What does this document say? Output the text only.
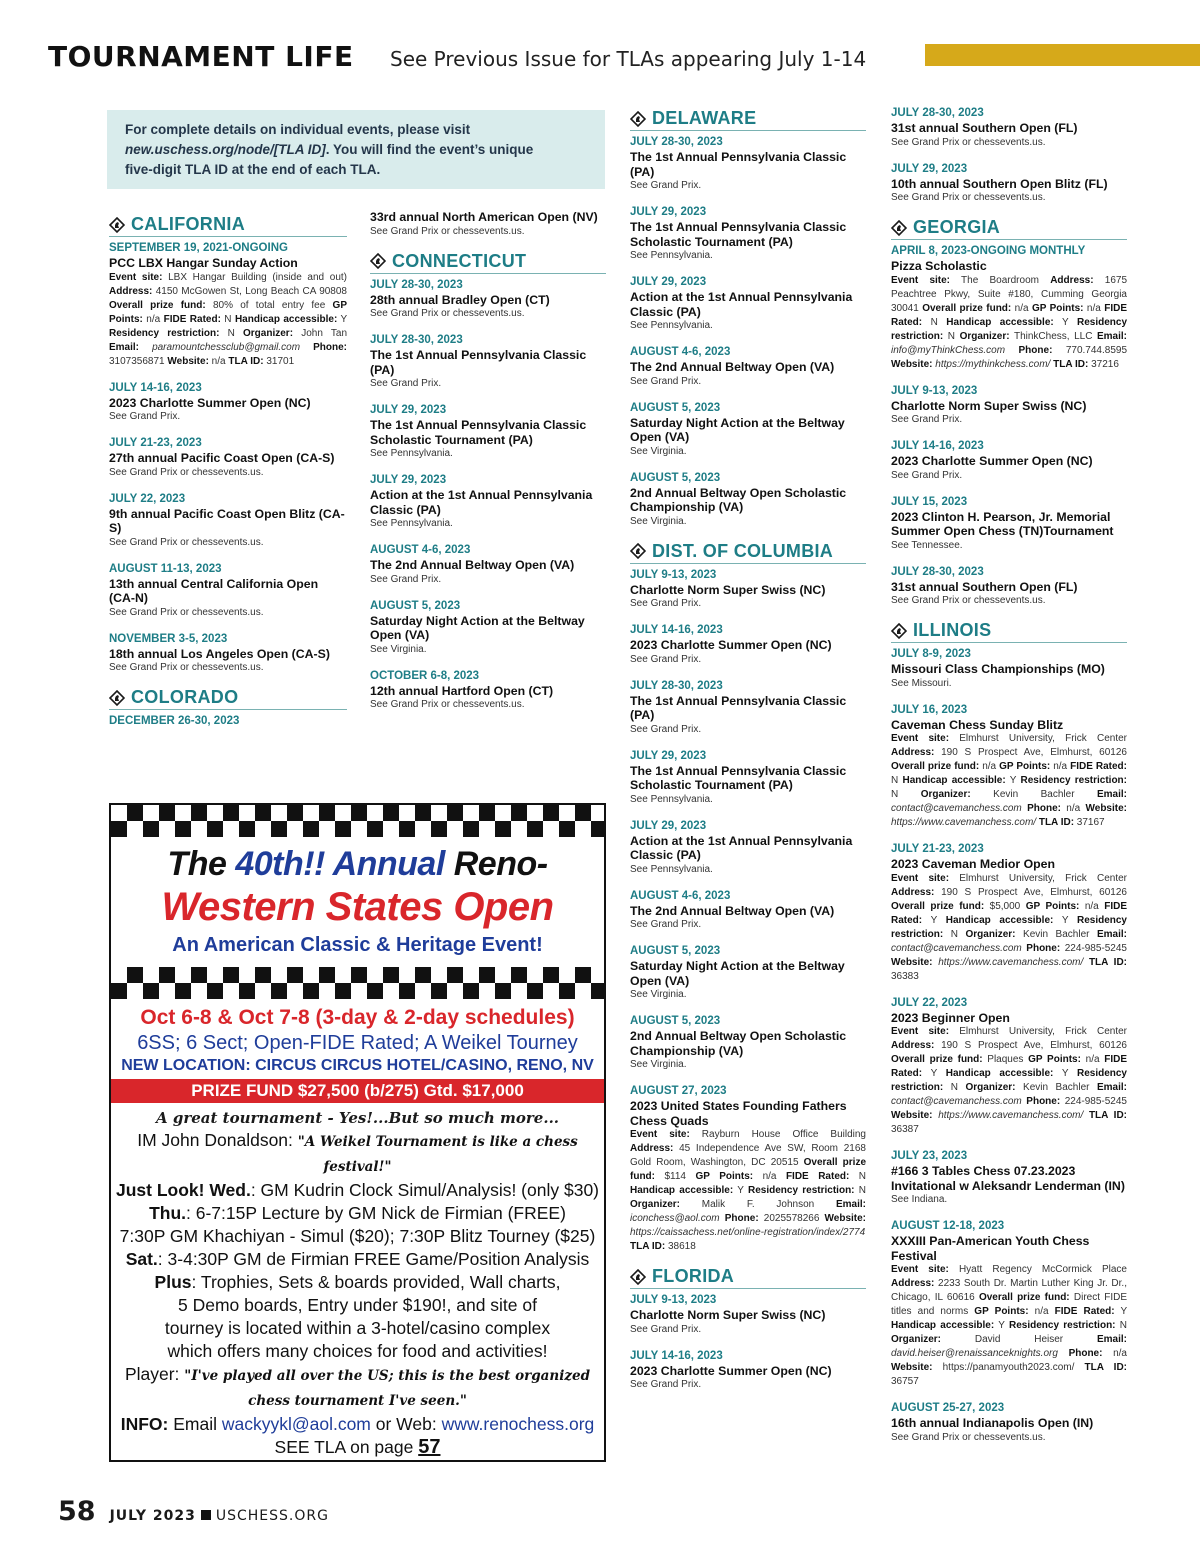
TOURNAMENT LIFE See Previous Issue for TLAs appearing July 1-14

For complete details on individual events, please visit
new.uschess.org/node/[TLA ID]. You will find the event’s unique
five-digit TLA ID at the end of each TLA.

CALIFORNIA
SEPTEMBER 19, 2021-ONGOING
PCC LBX Hangar Sunday Action
Event site: LBX Hangar Building (inside and out) Address: 4150 McGowen St, Long Beach CA 90808 Overall prize fund: 80% of total entry fee GP Points: n/a FIDE Rated: N Handicap accessible: Y Residency restriction: N Organizer: John Tan Email: paramountchessclub@gmail.com Phone: 3107356871 Website: n/a TLA ID: 31701
JULY 14-16, 2023
2023 Charlotte Summer Open (NC)
See Grand Prix.
JULY 21-23, 2023
27th annual Pacific Coast Open (CA-S)
See Grand Prix or chessevents.us.
JULY 22, 2023
9th annual Pacific Coast Open Blitz (CA-S)
See Grand Prix or chessevents.us.
AUGUST 11-13, 2023
13th annual Central California Open (CA-N)
See Grand Prix or chessevents.us.
NOVEMBER 3-5, 2023
18th annual Los Angeles Open (CA-S)
See Grand Prix or chessevents.us.
COLORADO
DECEMBER 26-30, 2023
33rd annual North American Open (NV)
See Grand Prix or chessevents.us.
CONNECTICUT
JULY 28-30, 2023
28th annual Bradley Open (CT)
See Grand Prix or chessevents.us.
JULY 28-30, 2023
The 1st Annual Pennsylvania Classic (PA)
See Grand Prix.
JULY 29, 2023
The 1st Annual Pennsylvania Classic Scholastic Tournament (PA)
See Pennsylvania.
JULY 29, 2023
Action at the 1st Annual Pennsylvania Classic (PA)
See Pennsylvania.
AUGUST 4-6, 2023
The 2nd Annual Beltway Open (VA)
See Grand Prix.
AUGUST 5, 2023
Saturday Night Action at the Beltway Open (VA)
See Virginia.
OCTOBER 6-8, 2023
12th annual Hartford Open (CT)
See Grand Prix or chessevents.us.
DELAWARE
JULY 28-30, 2023
The 1st Annual Pennsylvania Classic (PA)
See Grand Prix.
JULY 29, 2023
The 1st Annual Pennsylvania Classic Scholastic Tournament (PA)
See Pennsylvania.
JULY 29, 2023
Action at the 1st Annual Pennsylvania Classic (PA)
See Pennsylvania.
AUGUST 4-6, 2023
The 2nd Annual Beltway Open (VA)
See Grand Prix.
AUGUST 5, 2023
Saturday Night Action at the Beltway Open (VA)
See Virginia.
AUGUST 5, 2023
2nd Annual Beltway Open Scholastic Championship (VA)
See Virginia.
DIST. OF COLUMBIA
JULY 9-13, 2023
Charlotte Norm Super Swiss (NC)
See Grand Prix.
JULY 14-16, 2023
2023 Charlotte Summer Open (NC)
See Grand Prix.
JULY 28-30, 2023
The 1st Annual Pennsylvania Classic (PA)
See Grand Prix.
JULY 29, 2023
The 1st Annual Pennsylvania Classic Scholastic Tournament (PA)
See Pennsylvania.
JULY 29, 2023
Action at the 1st Annual Pennsylvania Classic (PA)
See Pennsylvania.
AUGUST 4-6, 2023
The 2nd Annual Beltway Open (VA)
See Grand Prix.
AUGUST 5, 2023
Saturday Night Action at the Beltway Open (VA)
See Virginia.
AUGUST 5, 2023
2nd Annual Beltway Open Scholastic Championship (VA)
See Virginia.
AUGUST 27, 2023
2023 United States Founding Fathers Chess Quads
Event site: Rayburn House Office Building Address: 45 Independence Ave SW, Room 2168 Gold Room, Washington, DC 20515 Overall prize fund: $114 GP Points: n/a FIDE Rated: N Handicap accessible: Y Residency restriction: N Organizer: Malik F. Johnson Email: iconchess@aol.com Phone: 2025578266 Website: https://caissachess.net/online-registration/index/2774 TLA ID: 38618
FLORIDA
JULY 9-13, 2023
Charlotte Norm Super Swiss (NC)
See Grand Prix.
JULY 14-16, 2023
2023 Charlotte Summer Open (NC)
See Grand Prix.
JULY 28-30, 2023
31st annual Southern Open (FL)
See Grand Prix or chessevents.us.
JULY 29, 2023
10th annual Southern Open Blitz (FL)
See Grand Prix or chessevents.us.
GEORGIA
APRIL 8, 2023-ONGOING MONTHLY
Pizza Scholastic
Event site: The Boardroom Address: 1675 Peachtree Pkwy, Suite #180, Cumming Georgia 30041 Overall prize fund: n/a GP Points: n/a FIDE Rated: N Handicap accessible: Y Residency restriction: N Organizer: ThinkChess, LLC Email: info@myThinkChess.com Phone: 770.744.8595 Website: https://mythinkchess.com/ TLA ID: 37216
JULY 9-13, 2023
Charlotte Norm Super Swiss (NC)
See Grand Prix.
JULY 14-16, 2023
2023 Charlotte Summer Open (NC)
See Grand Prix.
JULY 15, 2023
2023 Clinton H. Pearson, Jr. Memorial Summer Open Chess (TN)Tournament
See Tennessee.
JULY 28-30, 2023
31st annual Southern Open (FL)
See Grand Prix or chessevents.us.
ILLINOIS
JULY 8-9, 2023
Missouri Class Championships (MO)
See Missouri.
JULY 16, 2023
Caveman Chess Sunday Blitz
Event site: Elmhurst University, Frick Center Address: 190 S Prospect Ave, Elmhurst, 60126 Overall prize fund: n/a GP Points: n/a FIDE Rated: N Handicap accessible: Y Residency restriction: N Organizer: Kevin Bachler Email: contact@cavemanchess.com Phone: n/a Website: https://www.cavemanchess.com/ TLA ID: 37167
JULY 21-23, 2023
2023 Caveman Medior Open
Event site: Elmhurst University, Frick Center Address: 190 S Prospect Ave, Elmhurst, 60126 Overall prize fund: $5,000 GP Points: n/a FIDE Rated: Y Handicap accessible: Y Residency restriction: N Organizer: Kevin Bachler Email: contact@cavemanchess.com Phone: 224-985-5245 Website: https://www.cavemanchess.com/ TLA ID: 36383
JULY 22, 2023
2023 Beginner Open
Event site: Elmhurst University, Frick Center Address: 190 S Prospect Ave, Elmhurst, 60126 Overall prize fund: Plaques GP Points: n/a FIDE Rated: Y Handicap accessible: Y Residency restriction: N Organizer: Kevin Bachler Email: contact@cavemanchess.com Phone: 224-985-5245 Website: https://www.cavemanchess.com/ TLA ID: 36387
JULY 23, 2023
#166 3 Tables Chess 07.23.2023 Invitational w Aleksandr Lenderman (IN)
See Indiana.
AUGUST 12-18, 2023
XXXIII Pan-American Youth Chess Festival
Event site: Hyatt Regency McCormick Place Address: 2233 South Dr. Martin Luther King Jr. Dr., Chicago, IL 60616 Overall prize fund: Direct FIDE titles and norms GP Points: n/a FIDE Rated: Y Handicap accessible: Y Residency restriction: N Organizer: David Heiser Email: david.heiser@renaissanceknights.org Phone: n/a Website: https://panamyouth2023.com/ TLA ID: 36757
AUGUST 25-27, 2023
16th annual Indianapolis Open (IN)
See Grand Prix or chessevents.us.
The 40th!! Annual Reno-
Western States Open
An American Classic & Heritage Event!
Oct 6-8 & Oct 7-8 (3-day & 2-day schedules)
6SS; 6 Sect; Open-FIDE Rated; A Weikel Tourney
NEW LOCATION: CIRCUS CIRCUS HOTEL/CASINO, RENO, NV
PRIZE FUND $27,500 (b/275) Gtd. $17,000
A great tournament - Yes!...But so much more...
IM John Donaldson: "A Weikel Tournament is like a chess festival!"
Just Look! Wed.: GM Kudrin Clock Simul/Analysis! (only $30)
Thu.: 6-7:15P Lecture by GM Nick de Firmian (FREE)
7:30P GM Khachiyan - Simul ($20); 7:30P Blitz Tourney ($25)
Sat.: 3-4:30P GM de Firmian FREE Game/Position Analysis
Plus: Trophies, Sets & boards provided, Wall charts,
5 Demo boards, Entry under $190!, and site of
tourney is located within a 3-hotel/casino complex
which offers many choices for food and activities!
Player: "I've played all over the US; this is the best organized
chess tournament I've seen."
INFO: Email wackyykl@aol.com or Web: www.renochess.org
SEE TLA on page 57
58 JULY 2023 USCHESS.ORG
